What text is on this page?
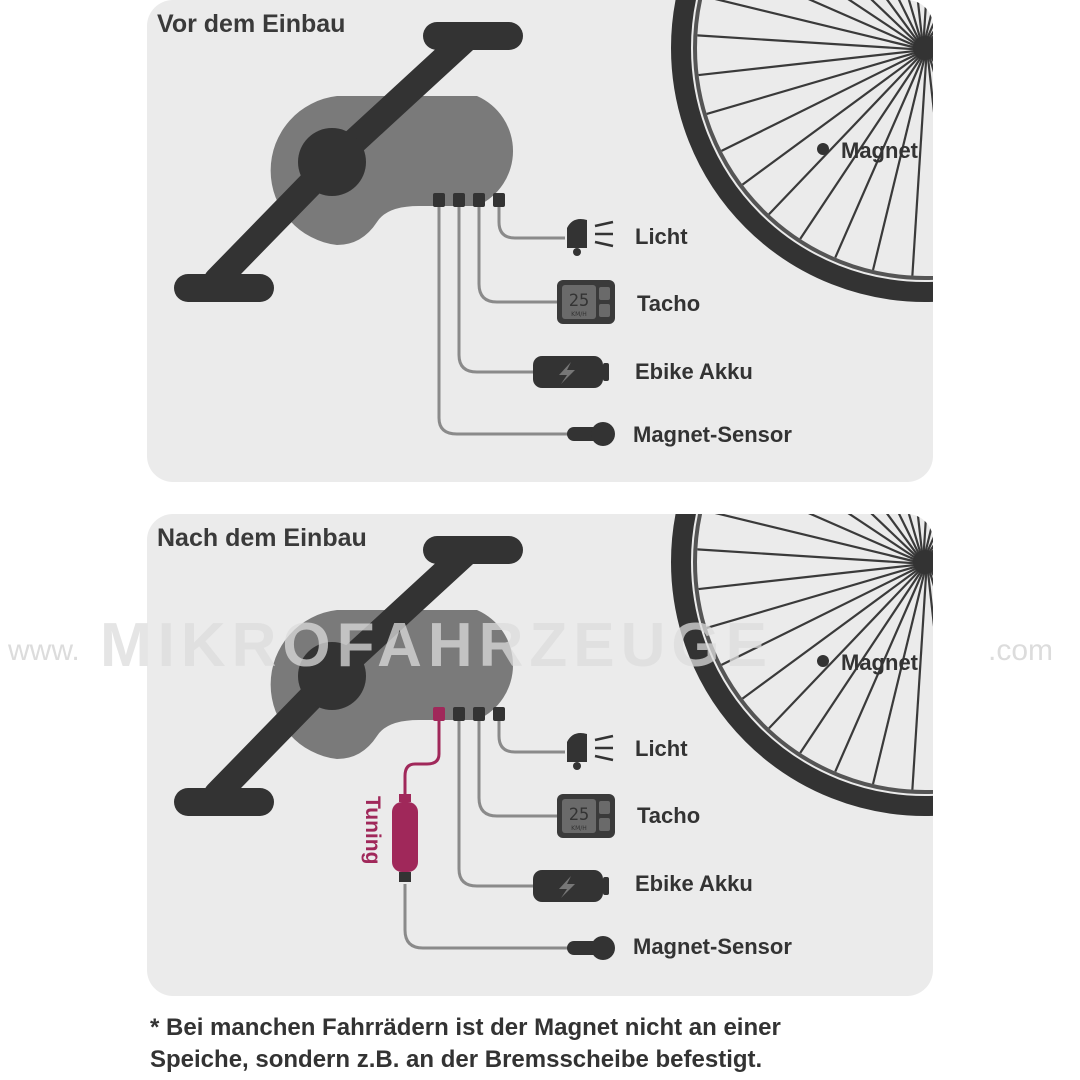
25
KM/H
Vor dem Einbau
Magnet
Licht
Tacho
Ebike Akku
Magnet-Sensor
25
KM/H
Nach dem Einbau
Magnet
Licht
Tacho
Ebike Akku
Magnet-Sensor
Tuning
www. MIKROFAHRZEUGE	.com
* Bei manchen Fahrrädern ist der Magnet nicht an einer
Speiche, sondern z.B. an der Bremsscheibe befestigt.
